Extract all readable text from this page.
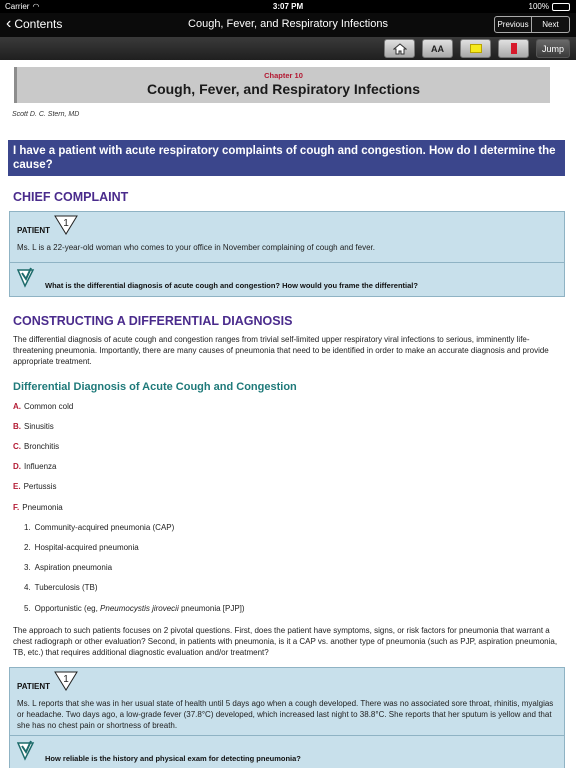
Carrier ◠	3:07 PM	100%
‹ Contents	Cough, Fever, and Respiratory Infections	Previous	Next
AA	Jump
Chapter 10
Cough, Fever, and Respiratory Infections
Scott D. C. Stern, MD
I have a patient with acute respiratory complaints of cough and congestion. How do I determine the cause?
CHIEF COMPLAINT
PATIENT
1
Ms. L is a 22-year-old woman who comes to your office in November complaining of cough and fever.
What is the differential diagnosis of acute cough and congestion? How would you frame the differential?
CONSTRUCTING A DIFFERENTIAL DIAGNOSIS
The differential diagnosis of acute cough and congestion ranges from trivial self-limited upper respiratory viral infections to serious, imminently life-threatening pneumonia. Importantly, there are many causes of pneumonia that need to be identified in order to make an accurate diagnosis and provide appropriate treatment.
Differential Diagnosis of Acute Cough and Congestion
A. Common cold
B. Sinusitis
C. Bronchitis
D. Influenza
E. Pertussis
F. Pneumonia
1. Community-acquired pneumonia (CAP)
2. Hospital-acquired pneumonia
3. Aspiration pneumonia
4. Tuberculosis (TB)
5. Opportunistic (eg, Pneumocystis jirovecii pneumonia [PJP])
The approach to such patients focuses on 2 pivotal questions. First, does the patient have symptoms, signs, or risk factors for pneumonia that warrant a chest radiograph or other evaluation? Second, in patients with pneumonia, is it a CAP vs. another type of pneumonia (such as PJP, aspiration pneumonia, TB, etc.) that requires additional diagnostic evaluation and/or treatment?
PATIENT
1
Ms. L reports that she was in her usual state of health until 5 days ago when a cough developed. There was no associated sore throat, rhinitis, myalgias or headache. Two days ago, a low-grade fever (37.8°C) developed, which increased last night to 38.8°C. She reports that her sputum is yellow and that she has no chest pain or shortness of breath.
How reliable is the history and physical exam for detecting pneumonia?
